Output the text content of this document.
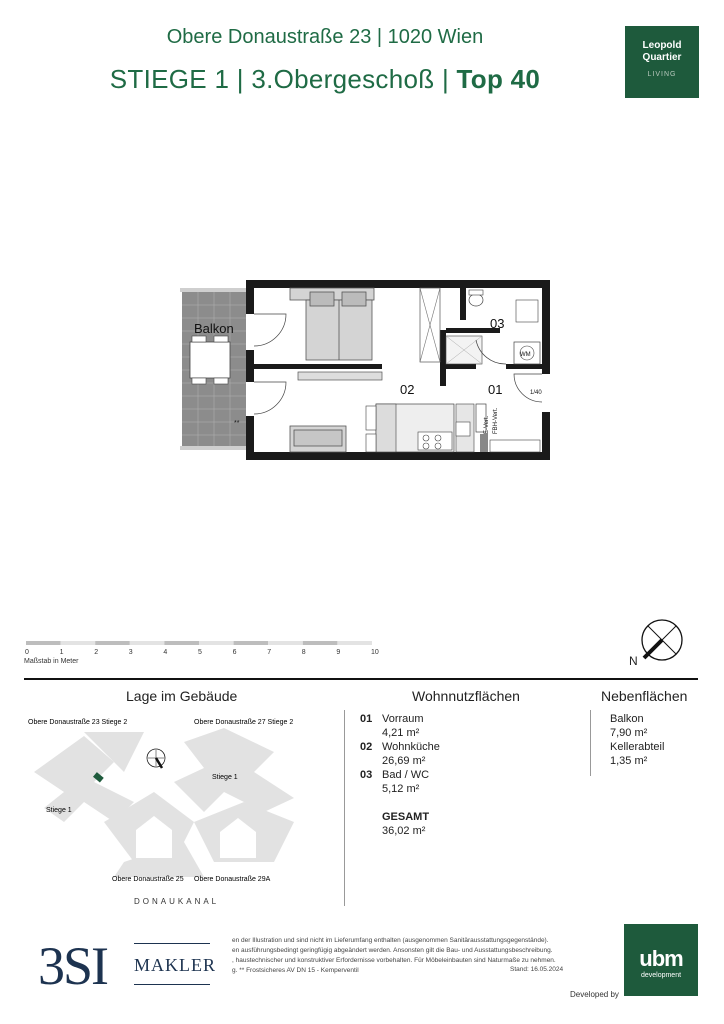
Obere Donaustraße 23 | 1020 Wien
STIEGE 1 | 3.Obergeschoß | Top 40
Leopold
Quartier
LIVING
Balkon
**	E-Vert. FBH-Vert.
WM
1/40
02
03
01
0	1	2	3	4	5	6	7	8	9	10
Maßstab in Meter	N
Lage im Gebäude	Wohnnutzflächen	Nebenflächen
Obere Donaustraße 23 Stiege 2	Obere Donaustraße 27 Stiege 2
Stiege 1
Stiege 1
Obere Donaustraße 25 Obere Donaustraße 29A
DONAUKANAL
01 Vorraum
4,21 m²
02 Wohnküche
26,69 m²
03 Bad / WC
5,12 m²
GESAMT
36,02 m²
Balkon
7,90 m²
Kellerabteil
1,35 m²
3SI MAKLER
en der Illustration und sind nicht im Lieferumfang enthalten (ausgenommen Sanitärausstattungsgegenstände).
en ausführungsbedingt geringfügig abgeändert werden. Ansonsten gilt die Bau- und Ausstattungsbeschreibung.
, haustechnischer und konstruktiver Erfordernisse vorbehalten. Für Möbeleinbauten sind Naturmaße zu nehmen.
g. ** Frostsicheres AV DN 15 - Kemperventil	Stand: 16.05.2024	ubm
development
Developed by
